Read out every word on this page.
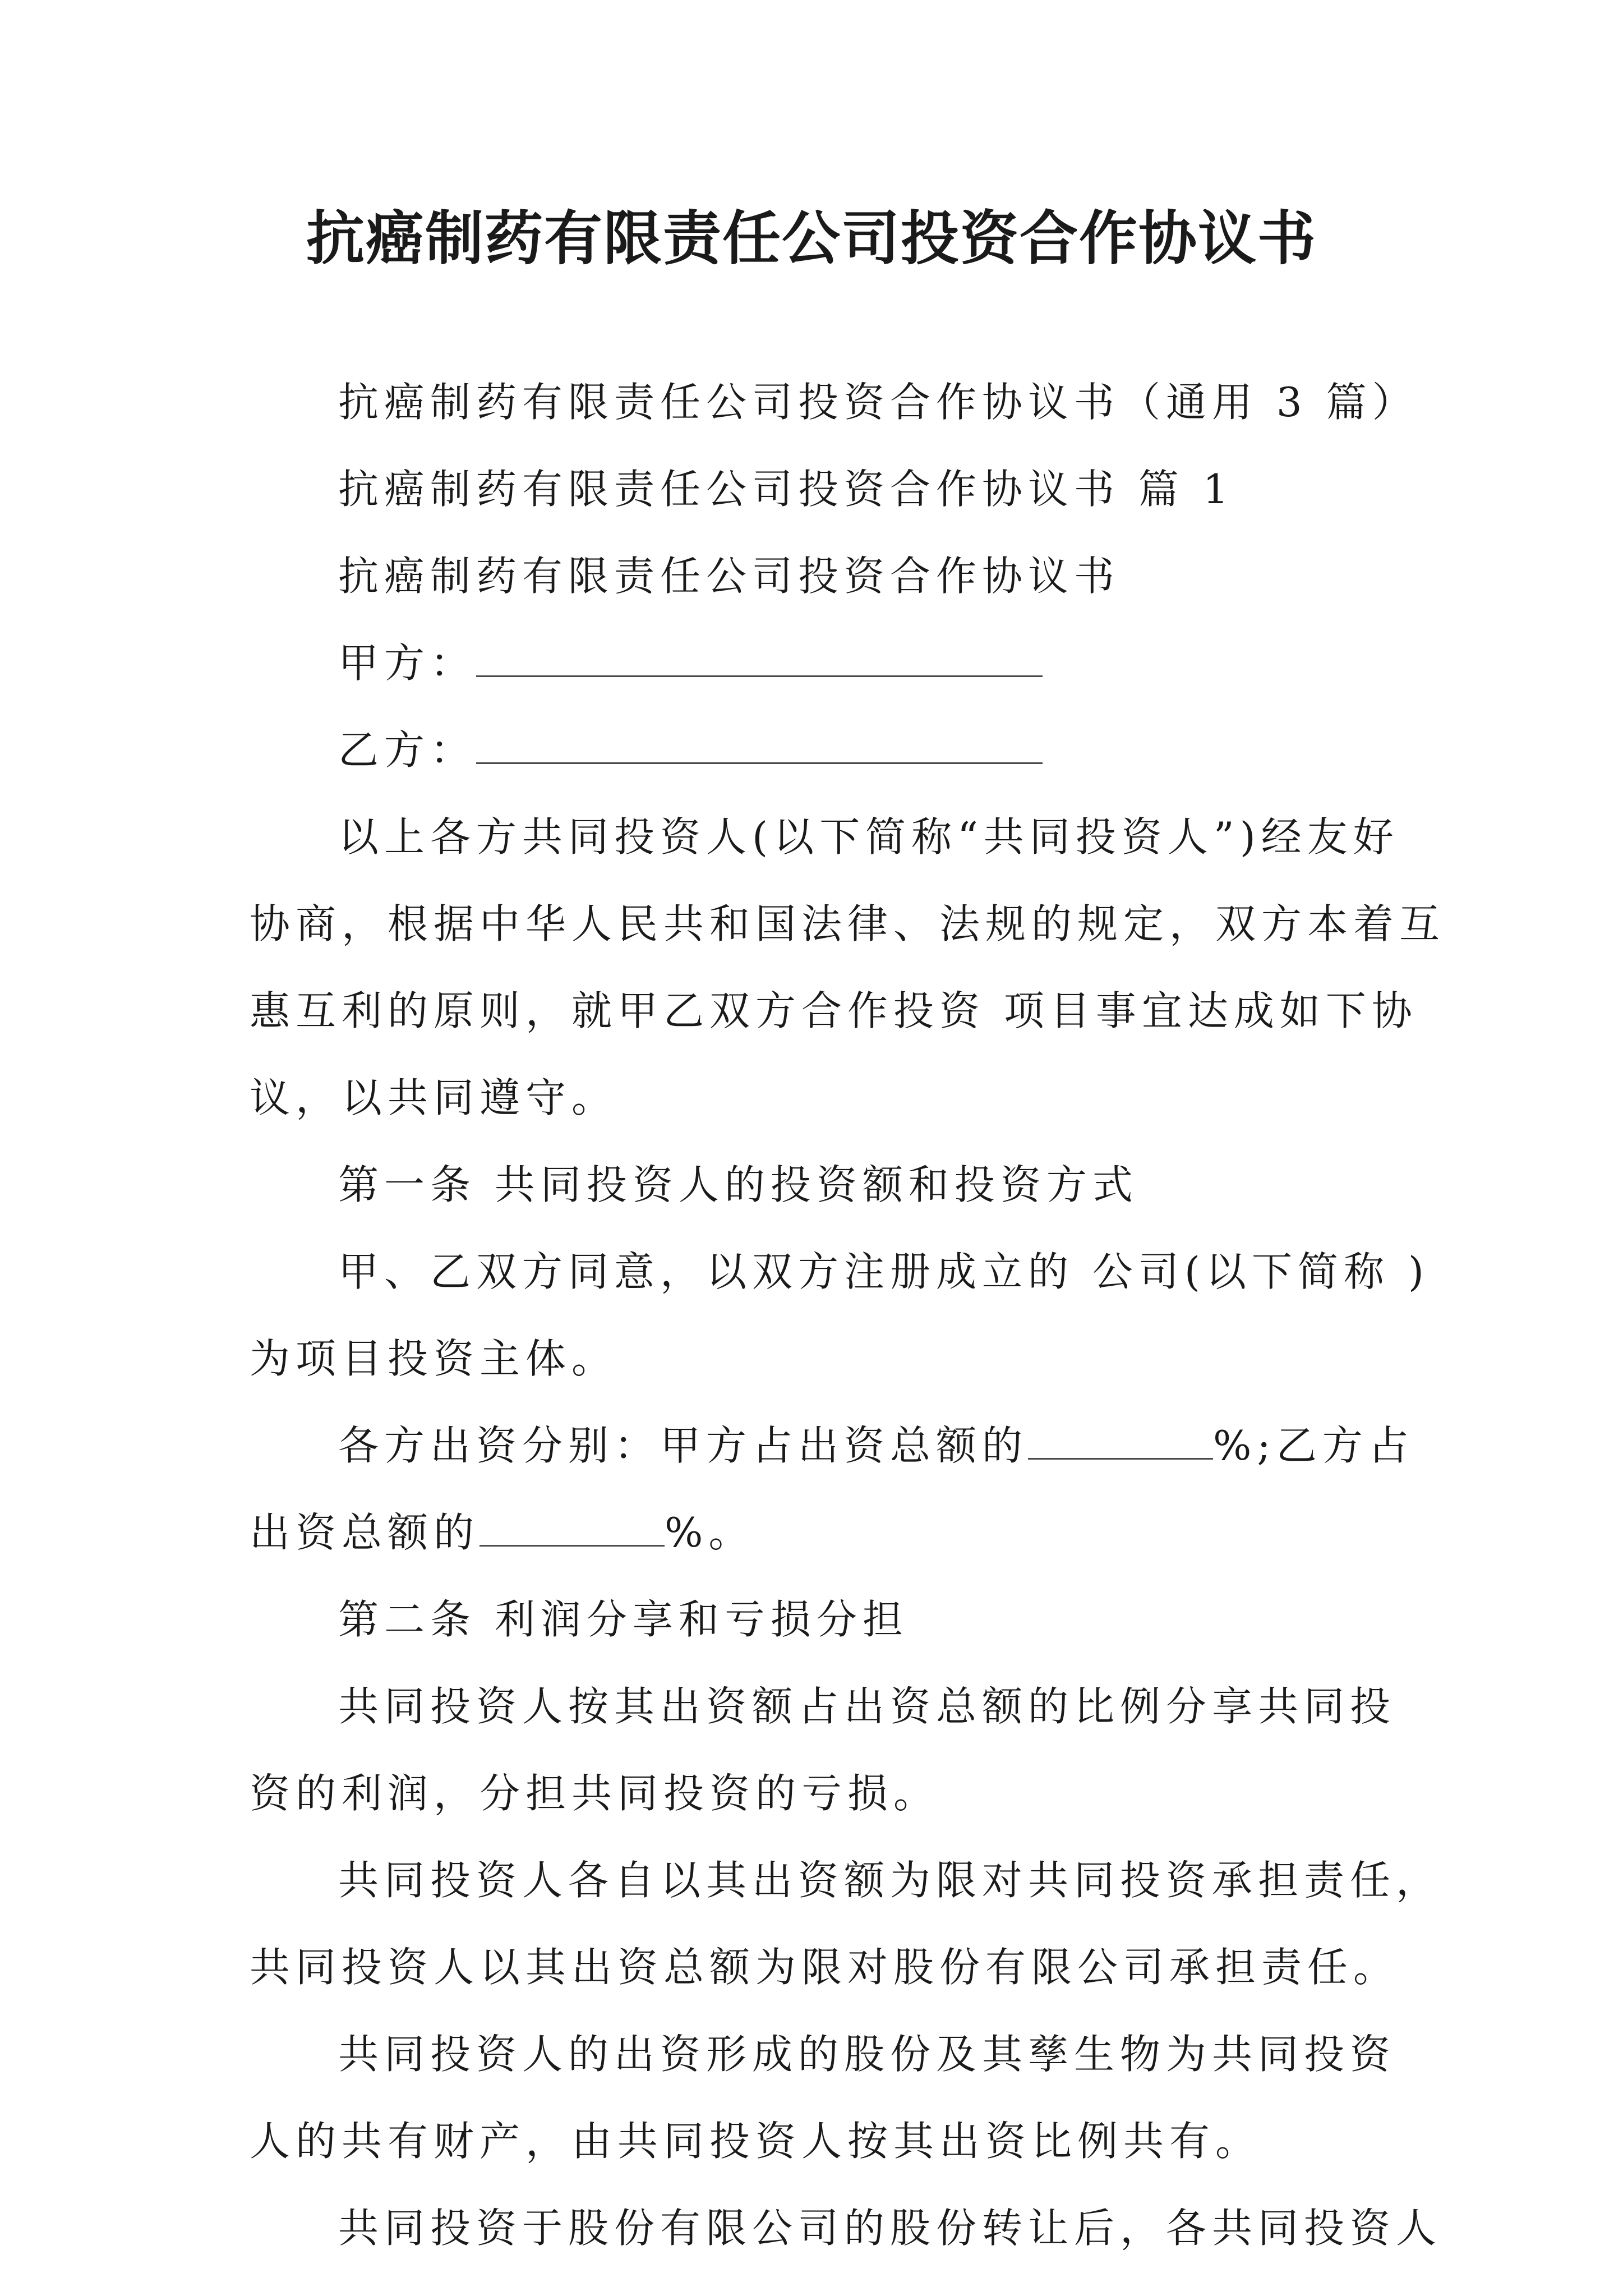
抗癌制药有限责任公司投资合作协议书

抗癌制药有限责任公司投资合作协议书（通用 3 篇）

抗癌制药有限责任公司投资合作协议书 篇 1

抗癌制药有限责任公司投资合作协议书

甲方：

乙方：

以上各方共同投资人(以下简称“共同投资人”)经友好

协商，根据中华人民共和国法律、法规的规定，双方本着互

惠互利的原则，就甲乙双方合作投资 项目事宜达成如下协

议，以共同遵守。

第一条 共同投资人的投资额和投资方式

甲、乙双方同意，以双方注册成立的 公司(以下简称 )

为项目投资主体。

各方出资分别：甲方占出资总额的	%;乙方占

出资总额的	%。

第二条 利润分享和亏损分担

共同投资人按其出资额占出资总额的比例分享共同投

资的利润，分担共同投资的亏损。

共同投资人各自以其出资额为限对共同投资承担责任，

共同投资人以其出资总额为限对股份有限公司承担责任。

共同投资人的出资形成的股份及其孳生物为共同投资

人的共有财产，由共同投资人按其出资比例共有。

共同投资于股份有限公司的股份转让后，各共同投资人
